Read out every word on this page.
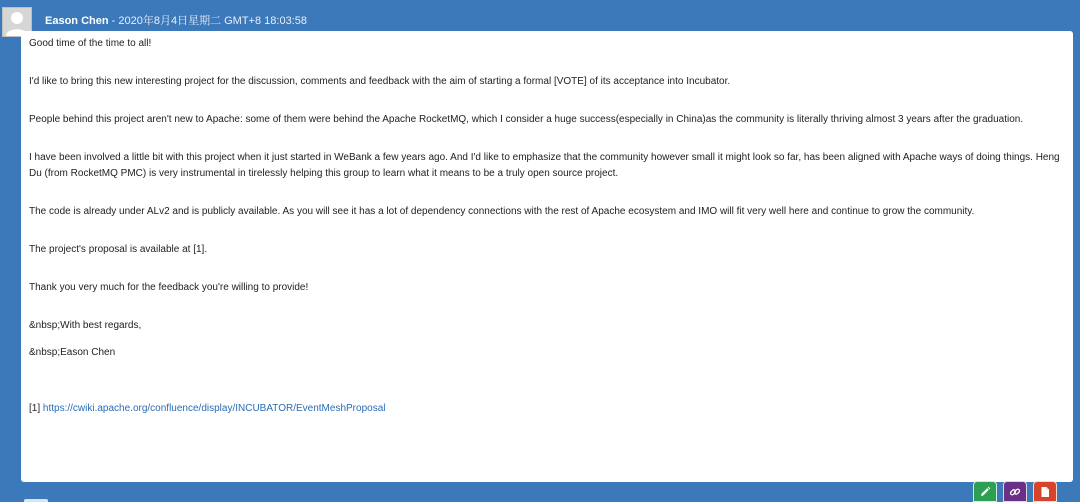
Eason Chen - 2020年8月4日星期二 GMT+8 18:03:58

Good time of the time to all!

I'd like to bring this new interesting project for the discussion, comments and feedback with the aim of starting a formal [VOTE] of its acceptance into Incubator.

People behind this project aren't new to Apache: some of them were behind the Apache RocketMQ, which I consider a huge success(especially in China)as the community is literally thriving almost 3 years after the graduation.

I have been involved a little bit with this project when it just started in WeBank a few years ago. And I'd like to emphasize that the community however small it might look so far, has been aligned with Apache ways of doing things. Heng Du (from RocketMQ PMC) is very instrumental in tirelessly helping this group to learn what it means to be a truly open source project.

The code is already under ALv2 and is publicly available. As you will see it has a lot of dependency connections with the rest of Apache ecosystem and IMO will fit very well here and continue to grow the community.

The project's proposal is available at [1].

Thank you very much for the feedback you're willing to provide!

&nbsp;With best regards,

&nbsp;Eason Chen

[1] https://cwiki.apache.org/confluence/display/INCUBATOR/EventMeshProposal
